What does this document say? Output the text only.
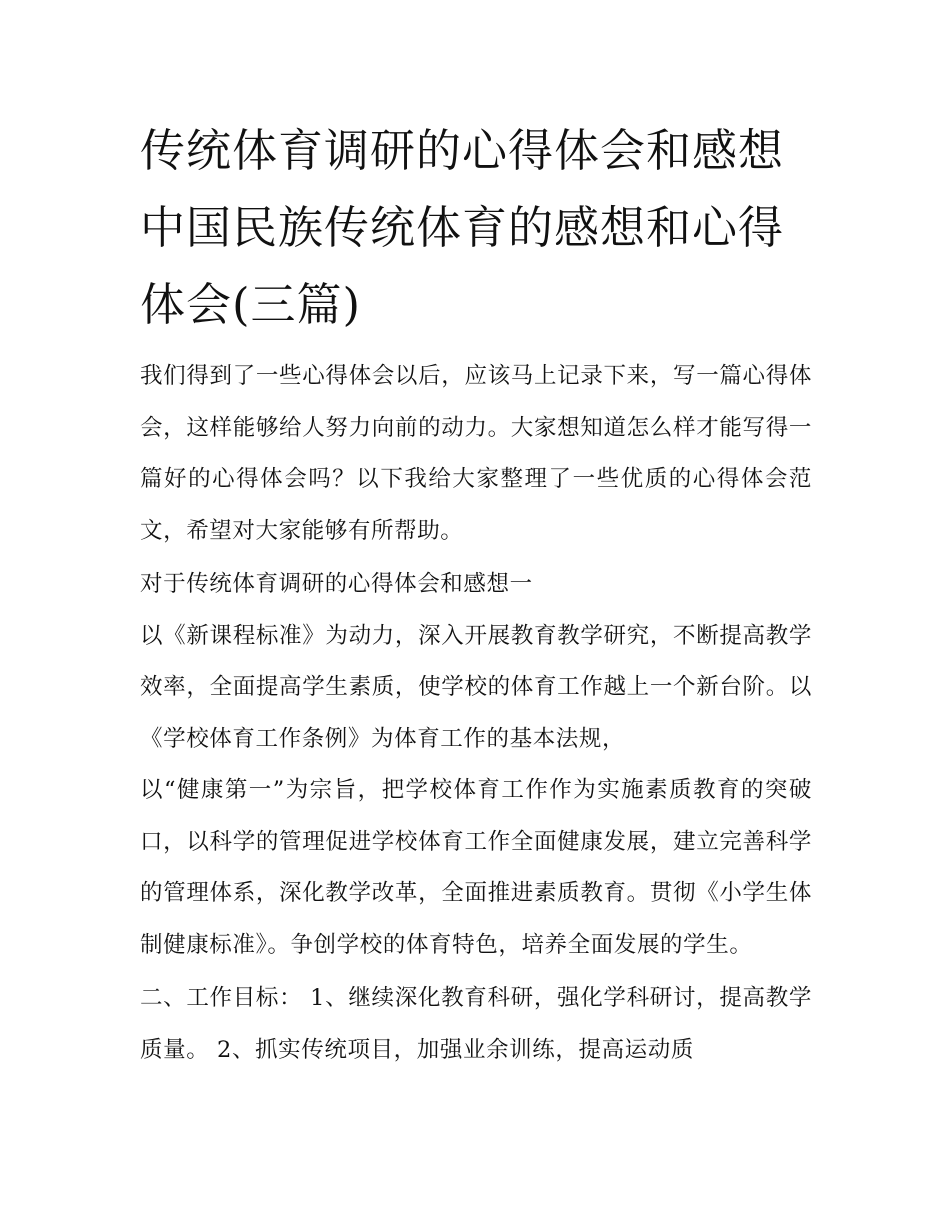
传统体育调研的心得体会和感想 中国民族传统体育的感想和心得体会(三篇)

我们得到了一些心得体会以后，应该马上记录下来，写一篇心得体会，这样能够给人努力向前的动力。大家想知道怎么样才能写得一篇好的心得体会吗？以下我给大家整理了一些优质的心得体会范文，希望对大家能够有所帮助。

对于传统体育调研的心得体会和感想一

以《新课程标准》为动力，深入开展教育教学研究，不断提高教学效率，全面提高学生素质，使学校的体育工作越上一个新台阶。以《学校体育工作条例》为体育工作的基本法规，

以“健康第一”为宗旨，把学校体育工作作为实施素质教育的突破口，以科学的管理促进学校体育工作全面健康发展，建立完善科学的管理体系，深化教学改革，全面推进素质教育。贯彻《小学生体制健康标准》。争创学校的体育特色，培养全面发展的学生。

二、工作目标： 1、继续深化教育科研，强化学科研讨，提高教学质量。 2、抓实传统项目，加强业余训练，提高运动质
